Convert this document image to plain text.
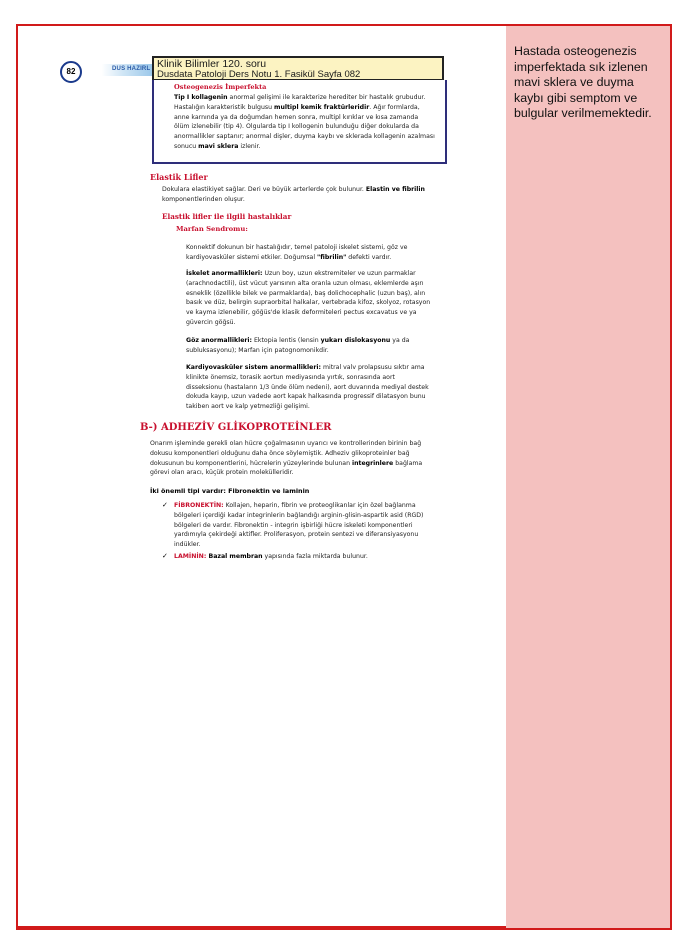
Hastada osteogenezis imperfektada sık izlenen mavi sklera ve duyma kaybı gibi semptom ve bulgular verilmemektedir.
DUS HAZIRL
82
Klinik Bilimler 120. soru
Dusdata Patoloji Ders Notu 1. Fasikül Sayfa 082
Osteogenezis İmperfekta

Tip I kollagenin anormal gelişimi ile karakterize herediter bir hastalık grubudur. Hastalığın karakteristik bulgusu multipl kemik fraktürleridir. Ağır formlarda, anne karnında ya da doğumdan hemen sonra, multipl kırıklar ve kısa zamanda ölüm izlenebilir (tip 4). Olgularda tip I kollogenin bulunduğu diğer dokularda da anormallikler saptanır; anormal dişler, duyma kaybı ve sklerada kollagenin azalması sonucu mavi sklera izlenir.

Elastik Lifler

Dokulara elastikiyet sağlar. Deri ve büyük arterlerde çok bulunur. Elastin ve fibrilin komponentlerinden oluşur.

Elastik lifler ile ilgili hastalıklar
Marfan Sendromu:

Konnektif dokunun bir hastalığıdır, temel patoloji iskelet sistemi, göz ve kardiyovasküler sistemi etkiler. Doğumsal "fibrilin" defekti vardır.

İskelet anormallikleri: Uzun boy, uzun ekstremiteler ve uzun parmaklar (arachnodactili), üst vücut yarısının alta oranla uzun olması, eklemlerde aşırı esneklik (özellikle bilek ve parmaklarda), baş dolichocephalic (uzun baş), alın basık ve düz, belirgin supraorbital halkalar, vertebrada kifoz, skolyoz, rotasyon ve kayma izlenebilir, göğüs'de klasik deformiteleri pectus excavatus ve ya güvercin göğsü.

Göz anormallikleri: Ektopia lentis (lensin yukarı dislokasyonu ya da subluksasyonu); Marfan için patognomonikdir.

Kardiyovasküler sistem anormallikleri: mitral valv prolapsusu sıktır ama klinikte önemsiz, torasik aortun mediyasında yırtık, sonrasında aort disseksionu (hastaların 1/3 ünde ölüm nedeni), aort duvarında mediyal destek dokuda kayıp, uzun vadede aort kapak halkasında progressif dilatasyon bunu takiben aort ve kalp yetmezliği gelişimi.

B-) ADHEZİV GLİKOPROTEİNLER

Onarım işleminde gerekli olan hücre çoğalmasının uyarıcı ve kontrollerinden birinin bağ dokusu komponentleri olduğunu daha önce söylemiştik. Adheziv glikoproteinler bağ dokusunun bu komponentlerini, hücrelerin yüzeylerinde bulunan integrinlere bağlama görevi olan aracı, küçük protein molekülleridir.

İki önemli tipi vardır: Fibronektin ve laminin
✓ FİBRONEKTİN: Kollajen, heparin, fibrin ve proteoglikanlar için özel bağlanma bölgeleri içerdiği kadar integrinlerin bağlandığı arginin-glisin-aspartik asid (RGD) bölgeleri de vardır. Fibronektin - integrin işbirliği hücre iskeleti komponentleri yardımıyla çekirdeği aktifler. Proliferasyon, protein sentezi ve diferansiyasyonu indükler.
✓ LAMİNİN: Bazal membran yapısında fazla miktarda bulunur.
